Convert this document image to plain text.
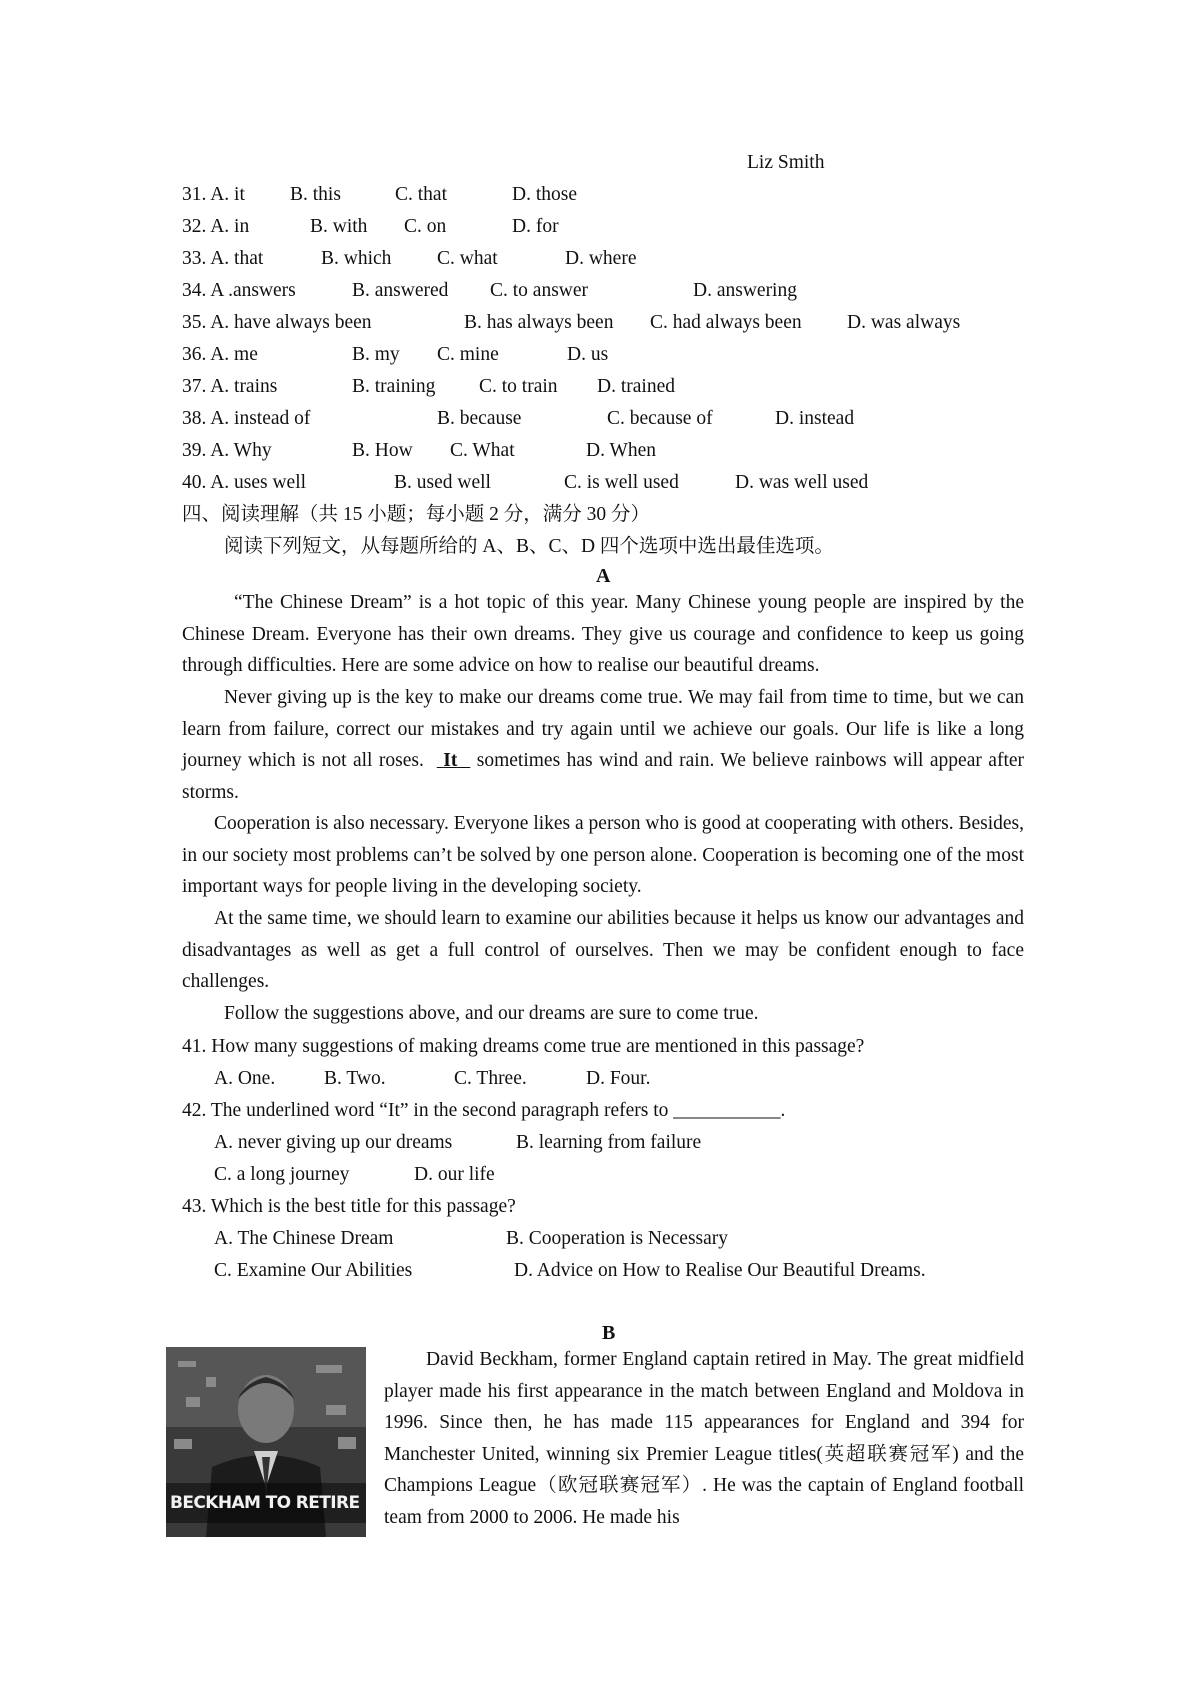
Liz Smith
31. A. it B. this	C. that	D. those
32. A. in	B. with C. on	D. for
33. A. that	B. which C. what	D. where
34. A .answers	B. answered C. to answer	D. answering
35. A. have always been	B. has always been C. had always been D. was always
36. A. me	B. my C. mine	D. us
37. A. trains	B. training C. to train D. trained
38. A. instead of	B. because	C. because of	D. instead
39. A. Why	B. How C. What	D. When
40. A. uses well	B. used well	C. is well used	D. was well used
四、阅读理解（共 15 小题；每小题 2 分，满分 30 分）
阅读下列短文，从每题所给的 A、B、C、D 四个选项中选出最佳选项。
A

“The Chinese Dream” is a hot topic of this year. Many Chinese young people are inspired by the Chinese Dream. Everyone has their own dreams. They give us courage and confidence to keep us going through difficulties. Here are some advice on how to realise our beautiful dreams.

Never giving up is the key to make our dreams come true. We may fail from time to time, but we can learn from failure, correct our mistakes and try again until we achieve our goals. Our life is like a long journey which is not all roses. It sometimes has wind and rain. We believe rainbows will appear after storms.

Cooperation is also necessary. Everyone likes a person who is good at cooperating with others. Besides, in our society most problems can’t be solved by one person alone. Cooperation is becoming one of the most important ways for people living in the developing society.

At the same time, we should learn to examine our abilities because it helps us know our advantages and disadvantages as well as get a full control of ourselves. Then we may be confident enough to face challenges.

Follow the suggestions above, and our dreams are sure to come true.

41. How many suggestions of making dreams come true are mentioned in this passage?
A. One.	B. Two.	C. Three.	D. Four.
42. The underlined word “It” in the second paragraph refers to ___________.
A. never giving up our dreams	B. learning from failure
C. a long journey	D. our life
43. Which is the best title for this passage?
A. The Chinese Dream	B. Cooperation is Necessary
C. Examine Our Abilities	D. Advice on How to Realise Our Beautiful Dreams.
B
BECKHAM TO RETIRE

David Beckham, former England captain retired in May. The great midfield player made his first appearance in the match between England and Moldova in 1996. Since then, he has made 115 appearances for England and 394 for Manchester United, winning six Premier League titles(英超联赛冠军) and the Champions League（欧冠联赛冠军）. He was the captain of England football team from 2000 to 2006. He made his
